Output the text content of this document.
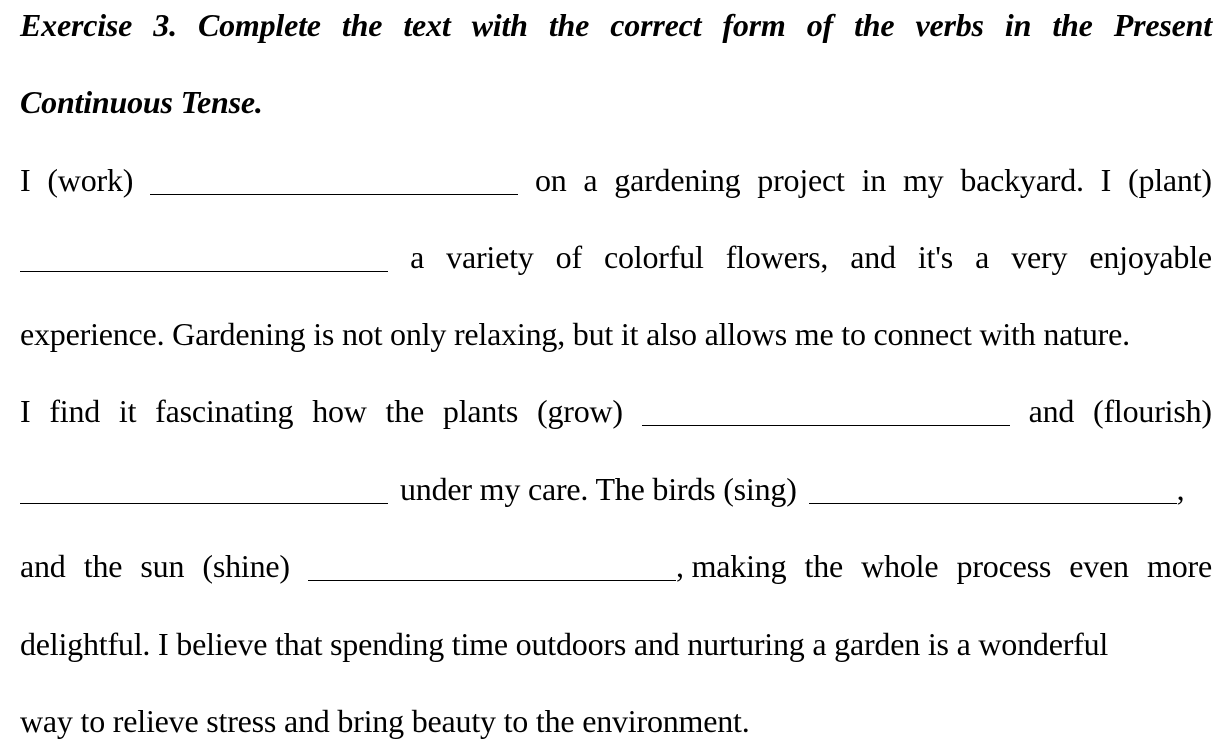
Exercise 3. Complete the text with the correct form of the verbs in the Present
Continuous Tense.
I (work)	on a gardening project in my backyard. I (plant)
a variety of colorful flowers, and it's a very enjoyable
experience. Gardening is not only relaxing, but it also allows me to connect with nature.
I find it fascinating how the plants (grow)	and (flourish)
under my care. The birds (sing)	,
and the sun (shine)	, making the whole process even more
delightful. I believe that spending time outdoors and nurturing a garden is a wonderful
way to relieve stress and bring beauty to the environment.
